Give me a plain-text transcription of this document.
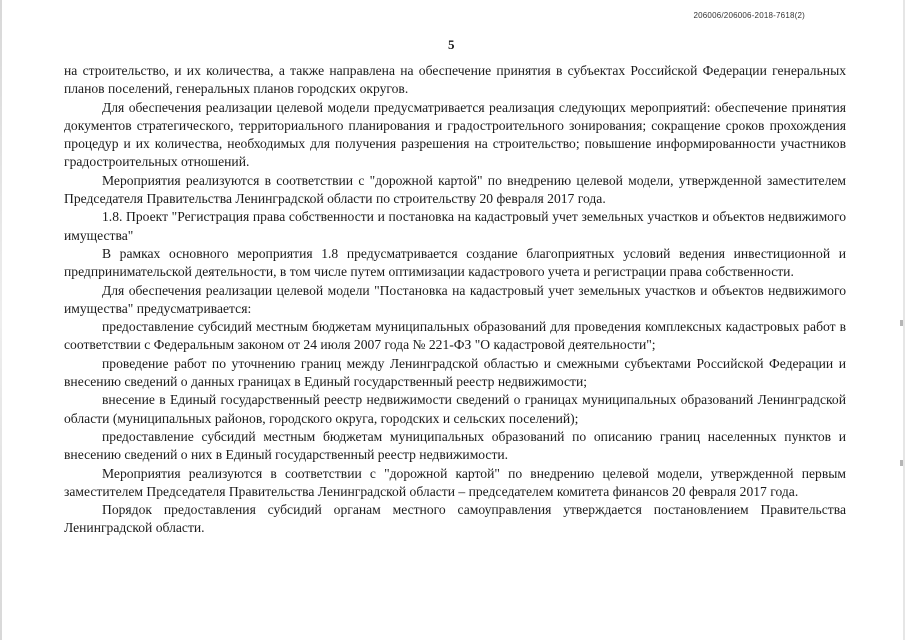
206006/206006-2018-7618(2)
5

на строительство, и их количества, а также направлена на обеспечение принятия в субъектах Российской Федерации генеральных планов поселений, генеральных планов городских округов.

Для обеспечения реализации целевой модели предусматривается реализация следующих мероприятий: обеспечение принятия документов стратегического, территориального планирования и градостроительного зонирования; сокращение сроков прохождения процедур и их количества, необходимых для получения разрешения на строительство; повышение информированности участников градостроительных отношений.

Мероприятия реализуются в соответствии с "дорожной картой" по внедрению целевой модели, утвержденной заместителем Председателя Правительства Ленинградской области по строительству 20 февраля 2017 года.

1.8. Проект "Регистрация права собственности и постановка на кадастровый учет земельных участков и объектов недвижимого имущества"

В рамках основного мероприятия 1.8 предусматривается создание благоприятных условий ведения инвестиционной и предпринимательской деятельности, в том числе путем оптимизации кадастрового учета и регистрации права собственности.

Для обеспечения реализации целевой модели "Постановка на кадастровый учет земельных участков и объектов недвижимого имущества" предусматривается:

предоставление субсидий местным бюджетам муниципальных образований для проведения комплексных кадастровых работ в соответствии с Федеральным законом от 24 июля 2007 года № 221-ФЗ "О кадастровой деятельности";

проведение работ по уточнению границ между Ленинградской областью и смежными субъектами Российской Федерации и внесению сведений о данных границах в Единый государственный реестр недвижимости;

внесение в Единый государственный реестр недвижимости сведений о границах муниципальных образований Ленинградской области (муниципальных районов, городского округа, городских и сельских поселений);

предоставление субсидий местным бюджетам муниципальных образований по описанию границ населенных пунктов и внесению сведений о них в Единый государственный реестр недвижимости.

Мероприятия реализуются в соответствии с "дорожной картой" по внедрению целевой модели, утвержденной первым заместителем Председателя Правительства Ленинградской области – председателем комитета финансов 20 февраля 2017 года.

Порядок предоставления субсидий органам местного самоуправления утверждается постановлением Правительства Ленинградской области.
